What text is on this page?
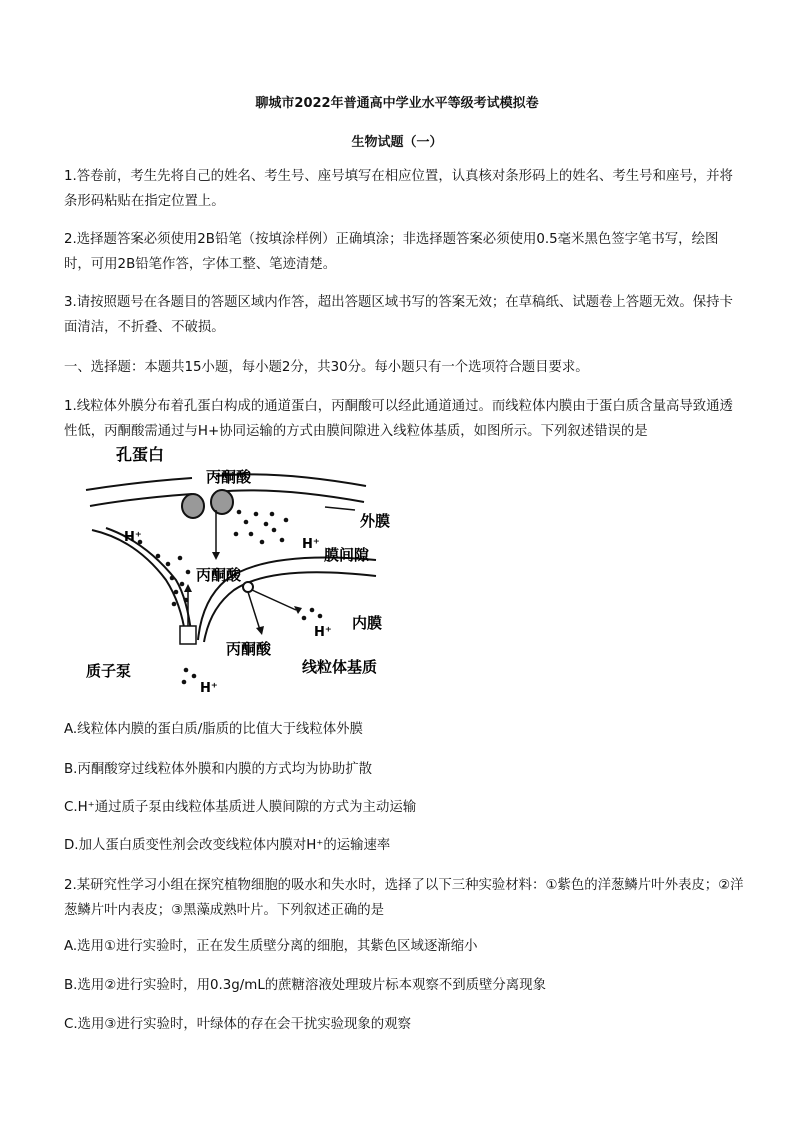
聊城市2022年普通高中学业水平等级考试模拟卷
生物试题（一）
1.答卷前，考生先将自己的姓名、考生号、座号填写在相应位置，认真核对条形码上的姓名、考生号和座号，并将条形码粘贴在指定位置上。
2.选择题答案必须使用2B铅笔（按填涂样例）正确填涂；非选择题答案必须使用0.5毫米黑色签字笔书写，绘图时，可用2B铅笔作答，字体工整、笔迹清楚。
3.请按照题号在各题目的答题区域内作答，超出答题区域书写的答案无效；在草稿纸、试题卷上答题无效。保持卡面清洁，不折叠、不破损。
一、选择题：本题共15小题，每小题2分，共30分。每小题只有一个选项符合题目要求。
1.线粒体外膜分布着孔蛋白构成的通道蛋白，丙酮酸可以经此通道通过。而线粒体内膜由于蛋白质含量高导致通透性低，丙酮酸需通过与H+协同运输的方式由膜间隙进入线粒体基质，如图所示。下列叙述错误的是
孔蛋白
丙酮酸
外膜
H⁺	H⁺
膜间隙
丙酮酸
H⁺
内膜
丙酮酸
线粒体基质
质子泵
H⁺
A.线粒体内膜的蛋白质/脂质的比值大于线粒体外膜
B.丙酮酸穿过线粒体外膜和内膜的方式均为协助扩散
C.H⁺通过质子泵由线粒体基质进人膜间隙的方式为主动运输
D.加人蛋白质变性剂会改变线粒体内膜对H⁺的运输速率
2.某研究性学习小组在探究植物细胞的吸水和失水时，选择了以下三种实验材料：①紫色的洋葱鳞片叶外表皮；②洋葱鳞片叶内表皮；③黑藻成熟叶片。下列叙述正确的是
A.选用①进行实验时，正在发生质壁分离的细胞，其紫色区域逐渐缩小
B.选用②进行实验时，用0.3g/mL的蔗糖溶液处理玻片标本观察不到质壁分离现象
C.选用③进行实验时，叶绿体的存在会干扰实验现象的观察
